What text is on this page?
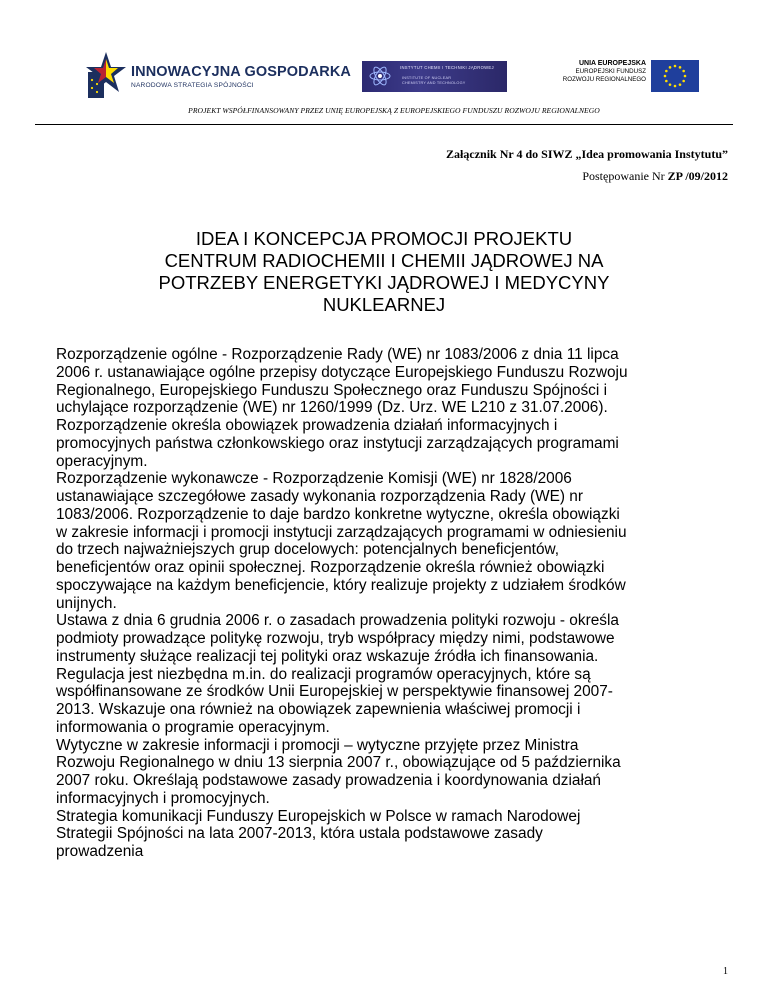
INNOWACYJNA GOSPODARKA
NARODOWA STRATEGIA SPÓJNOŚCI
INSTYTUT CHEMII I TECHNIKI JĄDROWEJ
INSTITUTE OF NUCLEAR
CHEMISTRY AND TECHNOLOGY
UNIA EUROPEJSKA
EUROPEJSKI FUNDUSZ
ROZWOJU REGIONALNEGO
PROJEKT WSPÓŁFINANSOWANY PRZEZ UNIĘ EUROPEJSKĄ Z EUROPEJSKIEGO FUNDUSZU ROZWOJU REGIONALNEGO
Załącznik Nr 4 do SIWZ „Idea promowania Instytutu”
Postępowanie Nr ZP /09/2012
IDEA I KONCEPCJA PROMOCJI PROJEKTU
CENTRUM RADIOCHEMII I CHEMII JĄDROWEJ NA
POTRZEBY ENERGETYKI JĄDROWEJ I MEDYCYNY
NUKLEARNEJ
Rozporządzenie ogólne - Rozporządzenie Rady (WE) nr 1083/2006 z dnia 11 lipca
2006 r. ustanawiające ogólne przepisy dotyczące Europejskiego Funduszu Rozwoju
Regionalnego, Europejskiego Funduszu Społecznego oraz Funduszu Spójności i
uchylające rozporządzenie (WE) nr 1260/1999 (Dz. Urz. WE L210 z 31.07.2006).
Rozporządzenie określa obowiązek prowadzenia działań informacyjnych i
promocyjnych państwa członkowskiego oraz instytucji zarządzających programami
operacyjnym.
Rozporządzenie wykonawcze - Rozporządzenie Komisji (WE) nr 1828/2006
ustanawiające szczegółowe zasady wykonania rozporządzenia Rady (WE) nr
1083/2006. Rozporządzenie to daje bardzo konkretne wytyczne, określa obowiązki
w zakresie informacji i promocji instytucji zarządzających programami w odniesieniu
do trzech najważniejszych grup docelowych: potencjalnych beneficjentów,
beneficjentów oraz opinii społecznej. Rozporządzenie określa również obowiązki
spoczywające na każdym beneficjencie, który realizuje projekty z udziałem środków
unijnych.
Ustawa z dnia 6 grudnia 2006 r. o zasadach prowadzenia polityki rozwoju - określa
podmioty prowadzące politykę rozwoju, tryb współpracy między nimi, podstawowe
instrumenty służące realizacji tej polityki oraz wskazuje źródła ich finansowania.
Regulacja jest niezbędna m.in. do realizacji programów operacyjnych, które są
współfinansowane ze środków Unii Europejskiej w perspektywie finansowej 2007-
2013. Wskazuje ona również na obowiązek zapewnienia właściwej promocji i
informowania o programie operacyjnym.
Wytyczne w zakresie informacji i promocji – wytyczne przyjęte przez Ministra
Rozwoju Regionalnego w dniu 13 sierpnia 2007 r., obowiązujące od 5 października
2007 roku. Określają podstawowe zasady prowadzenia i koordynowania działań
informacyjnych i promocyjnych.
Strategia komunikacji Funduszy Europejskich w Polsce w ramach Narodowej
Strategii Spójności na lata 2007-2013, która ustala podstawowe zasady
prowadzenia
1
